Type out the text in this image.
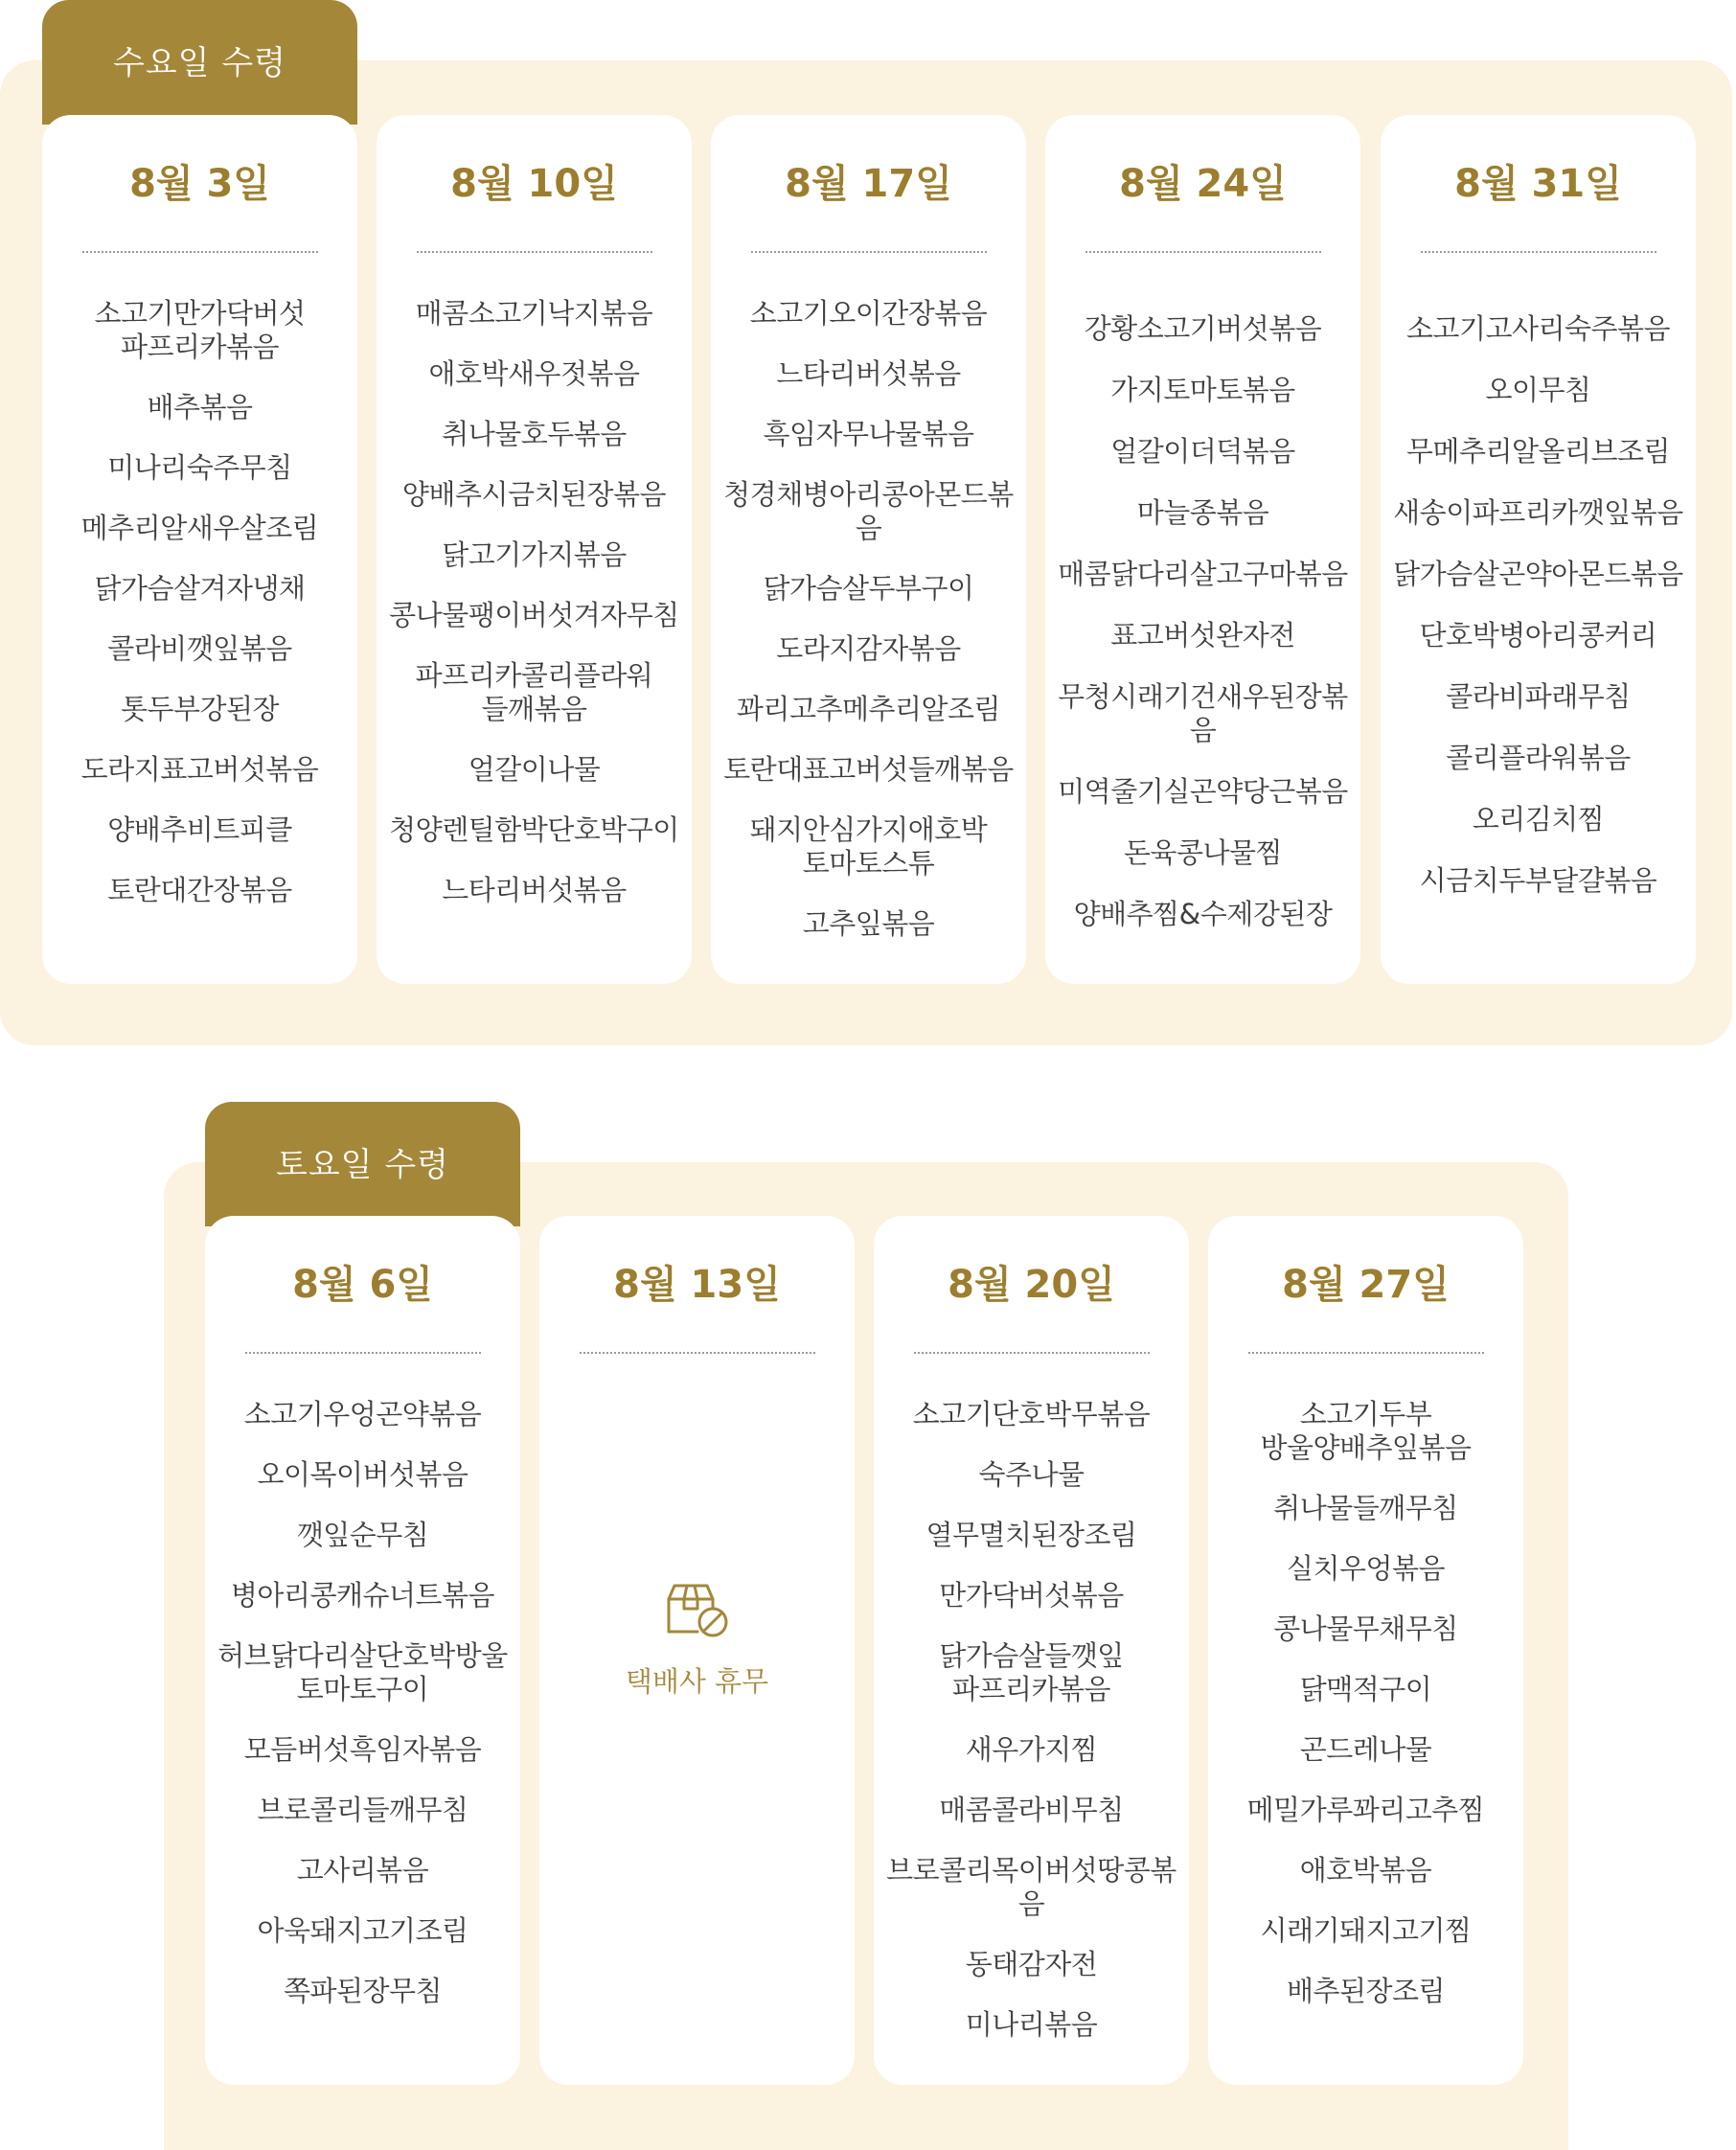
수요일 수령
8월 3일
소고기만가닥버섯
파프리카볶음
배추볶음
미나리숙주무침
메추리알새우살조림
닭가슴살겨자냉채
콜라비깻잎볶음
톳두부강된장
도라지표고버섯볶음
양배추비트피클
토란대간장볶음
8월 10일
매콤소고기낙지볶음
애호박새우젓볶음
취나물호두볶음
양배추시금치된장볶음
닭고기가지볶음
콩나물팽이버섯겨자무침
파프리카콜리플라워
들깨볶음
얼갈이나물
청양렌틸함박단호박구이
느타리버섯볶음
8월 17일
소고기오이간장볶음
느타리버섯볶음
흑임자무나물볶음
청경채병아리콩아몬드볶음
닭가슴살두부구이
도라지감자볶음
꽈리고추메추리알조림
토란대표고버섯들깨볶음
돼지안심가지애호박
토마토스튜
고추잎볶음
8월 24일
강황소고기버섯볶음
가지토마토볶음
얼갈이더덕볶음
마늘종볶음
매콤닭다리살고구마볶음
표고버섯완자전
무청시래기건새우된장볶음
미역줄기실곤약당근볶음
돈육콩나물찜
양배추찜&수제강된장
8월 31일
소고기고사리숙주볶음
오이무침
무메추리알올리브조림
새송이파프리카깻잎볶음
닭가슴살곤약아몬드볶음
단호박병아리콩커리
콜라비파래무침
콜리플라워볶음
오리김치찜
시금치두부달걀볶음
토요일 수령
8월 6일
소고기우엉곤약볶음
오이목이버섯볶음
깻잎순무침
병아리콩캐슈너트볶음
허브닭다리살단호박방울
토마토구이
모듬버섯흑임자볶음
브로콜리들깨무침
고사리볶음
아욱돼지고기조림
쪽파된장무침
8월 13일
택배사 휴무
8월 20일
소고기단호박무볶음
숙주나물
열무멸치된장조림
만가닥버섯볶음
닭가슴살들깻잎
파프리카볶음
새우가지찜
매콤콜라비무침
브로콜리목이버섯땅콩볶음
동태감자전
미나리볶음
8월 27일
소고기두부
방울양배추잎볶음
취나물들깨무침
실치우엉볶음
콩나물무채무침
닭맥적구이
곤드레나물
메밀가루꽈리고추찜
애호박볶음
시래기돼지고기찜
배추된장조림
